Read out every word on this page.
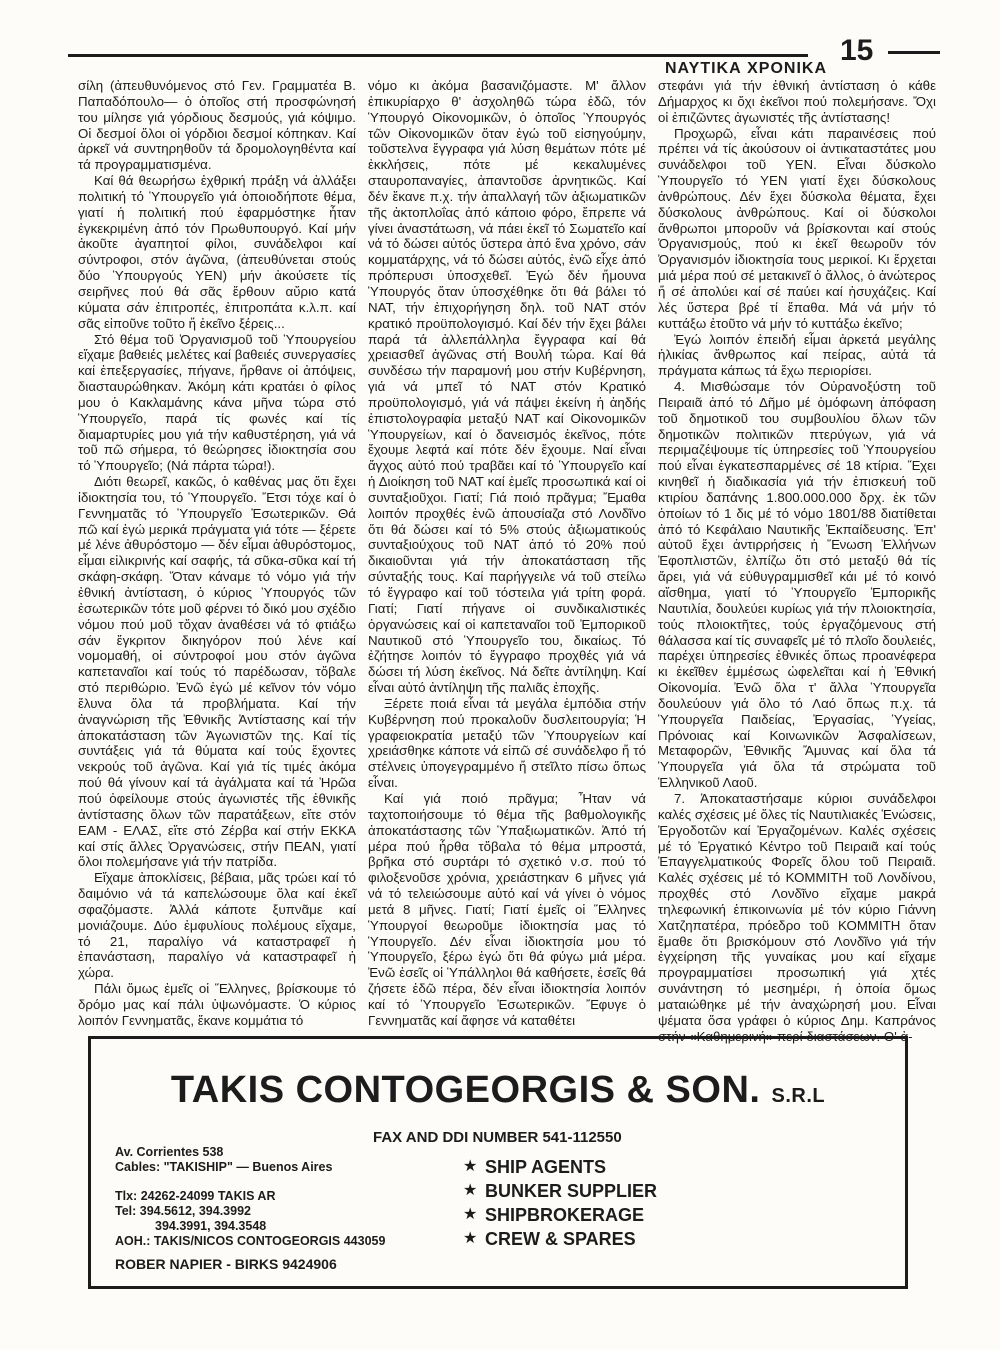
ΝΑΥΤΙΚΑ ΧΡΟΝΙΚΑ
15

σίλη (ἀπευθυνόμενος στό Γεν. Γραμματέα Β. Παπαδόπουλο— ὁ ὁποῖος στή προσφώνησή του μίλησε γιά γόρδιους δεσμούς, γιά κόψιμο. Οἱ δεσμοί ὅλοι οἱ γόρδιοι δεσμοί κόπηκαν. Καί ἀρκεῖ νά συντηρηθοῦν τά δρομολογηθέντα καί τά προγραμματισμένα.

Καί θά θεωρήσω ἐχθρική πράξη νά ἀλλάξει πολιτική τό Ὑπουργεῖο γιά ὁποιοδήποτε θέμα, γιατί ἡ πολιτική πού ἐφαρμόστηκε ἦταν ἐγκεκριμένη ἀπό τόν Πρωθυπουργό. Καί μήν ἀκοῦτε ἀγαπητοί φίλοι, συνάδελφοι καί σύντροφοι, στόν ἀγῶνα, (ἀπευθύνεται στούς δύο Ὑπουργούς ΥΕΝ) μήν ἀκούσετε τίς σειρῆνες πού θά σᾶς ἔρθουν αὔριο κατά κύματα σάν ἐπιτροπές, ἐπιτροπάτα κ.λ.π. καί σᾶς εἰποῦνε τοῦτο ἤ ἐκεῖνο ξέρεις...

Στό θέμα τοῦ Ὀργανισμοῦ τοῦ Ὑπουργείου εἴχαμε βαθειές μελέτες καί βαθειές συνεργασίες καί ἐπεξεργασίες, πήγανε, ἤρθανε οἱ ἀπόψεις, διασταυρώθηκαν. Ἀκόμη κάτι κρατάει ὁ φίλος μου ὁ Κακλαμάνης κάνα μῆνα τώρα στό Ὑπουργεῖο, παρά τίς φωνές καί τίς διαμαρτυρίες μου γιά τήν καθυστέρηση, γιά νά τοῦ πῶ σήμερα, τό θεώρησες ἰδιοκτησία σου τό Ὑπουργεῖο; (Νά πάρτα τώρα!).

Διότι θεωρεῖ, κακῶς, ὁ καθένας μας ὅτι ἔχει ἰδιοκτησία του, τό Ὑπουργεῖο. Ἔτσι τόχε καί ὁ Γεννηματᾶς τό Ὑπουργεῖο Ἐσωτερικῶν. Θά πῶ καί ἐγώ μερικά πράγματα γιά τότε — ξέρετε μέ λένε ἀθυρόστομο — δέν εἶμαι ἀθυρόστομος, εἶμαι εἰλικρινής καί σαφής, τά σῦκα-σῦκα καί τή σκάφη-σκάφη. Ὅταν κάναμε τό νόμο γιά τήν ἐθνική ἀντίσταση, ὁ κύριος Ὑπουργός τῶν ἐσωτερικῶν τότε μοῦ φέρνει τό δικό μου σχέδιο νόμου πού μοῦ τὄχαν ἀναθέσει νά τό φτιάξω σάν ἔγκριτον δικηγόρον πού λένε καί νομομαθή, οἱ σύντροφοί μου στόν ἀγῶνα καπεταναῖοι καί τούς τό παρέδωσαν, τὄβαλε στό περιθώριο. Ἐνῶ ἐγώ μέ κεῖνον τόν νόμο ἔλυνα ὅλα τά προβλήματα. Καί τήν ἀναγνώριση τῆς Ἐθνικῆς Ἀντίστασης καί τήν ἀποκατάσταση τῶν Ἀγωνιστῶν της. Καί τίς συντάξεις γιά τά θύματα καί τούς ἔχοντες νεκρούς τοῦ ἀγῶνα. Καί γιά τίς τιμές ἀκόμα πού θά γίνουν καί τά ἀγάλματα καί τά Ἡρῶα πού ὀφείλουμε στούς ἀγωνιστές τῆς ἐθνικῆς ἀντίστασης ὅλων τῶν παρατάξεων, εἴτε στόν ΕΑΜ - ΕΛΑΣ, εἴτε στό Ζέρβα καί στήν ΕΚΚΑ καί στίς ἄλλες Ὀργανώσεις, στήν ΠΕΑΝ, γιατί ὅλοι πολεμήσανε γιά τήν πατρίδα.

Εἴχαμε ἀποκλίσεις, βέβαια, μᾶς τρώει καί τό δαιμόνιο νά τά καπελώσουμε ὅλα καί ἐκεῖ σφαζόμαστε. Ἀλλά κάποτε ξυπνᾶμε καί μονιάζουμε. Δύο ἐμφυλίους πολέμους εἴχαμε, τό 21, παραλίγο νά καταστραφεῖ ἡ ἐπανάσταση, παραλίγο νά καταστραφεῖ ἡ χώρα.

Πάλι ὅμως ἐμεῖς οἱ Ἕλληνες, βρίσκουμε τό δρόμο μας καί πάλι ὑψωνόμαστε. Ὁ κύριος λοιπόν Γεννηματᾶς, ἔκανε κομμάτια τό

νόμο κι ἀκόμα βασανιζόμαστε. Μ' ἄλλον ἐπικυρίαρχο θ' ἀσχοληθῶ τώρα ἐδῶ, τόν Ὑπουργό Οἰκονομικῶν, ὁ ὁποῖος Ὑπουργός τῶν Οἰκονομικῶν ὅταν ἐγώ τοῦ εἰσηγούμην, τοῦστελνα ἔγγραφα γιά λύση θεμάτων πότε μέ ἐκκλήσεις, πότε μέ κεκαλυμένες σταυροπαναγίες, ἀπαντοῦσε ἀρνητικῶς. Καί δέν ἔκανε π.χ. τήν ἀπαλλαγή τῶν ἀξιωματικῶν τῆς ἀκτοπλοΐας ἀπό κάποιο φόρο, ἔπρεπε νά γίνει ἀναστάτωση, νά πάει ἐκεῖ τό Σωματεῖο καί νά τό δώσει αὐτός ὕστερα ἀπό ἕνα χρόνο, σάν κομματάρχης, νά τό δώσει αὐτός, ἐνῶ εἶχε ἀπό πρόπερυσι ὑποσχεθεῖ. Ἐγώ δέν ἤμουνα Ὑπουργός ὅταν ὑποσχέθηκε ὅτι θά βάλει τό ΝΑΤ, τήν ἐπιχορήγηση δηλ. τοῦ ΝΑΤ στόν κρατικό προϋπολογισμό. Καί δέν τήν ἔχει βάλει παρά τά ἀλλεπάλληλα ἔγγραφα καί θά χρειασθεῖ ἀγῶνας στή Βουλή τώρα. Καί θά συνδέσω τήν παραμονή μου στήν Κυβέρνηση, γιά νά μπεῖ τό ΝΑΤ στόν Κρατικό προϋπολογισμό, γιά νά πάψει ἐκείνη ἡ ἀηδής ἐπιστολογραφία μεταξύ ΝΑΤ καί Οἰκονομικῶν Ὑπουργείων, καί ὁ δανεισμός ἐκεῖνος, πότε ἔχουμε λεφτά καί πότε δέν ἔχουμε. Ναί εἶναι ἄγχος αὐτό πού τραβᾶει καί τό Ὑπουργεῖο καί ἡ Διοίκηση τοῦ ΝΑΤ καί ἐμεῖς προσωπικά καί οἱ συνταξιοῦχοι. Γιατί; Γιά ποιό πρᾶγμα; Ἔμαθα λοιπόν προχθές ἐνῶ ἀπουσίαζα στό Λονδῖνο ὅτι θά δώσει καί τό 5% στούς ἀξιωματικούς συνταξιούχους τοῦ ΝΑΤ ἀπό τό 20% πού δικαιοῦνται γιά τήν ἀποκατάσταση τῆς σύνταξής τους. Καί παρήγγειλε νά τοῦ στείλω τό ἔγγραφο καί τοῦ τόστειλα γιά τρίτη φορά. Γιατί; Γιατί πήγανε οἱ συνδικαλιστικές ὀργανώσεις καί οἱ καπεταναῖοι τοῦ Ἐμπορικοῦ Ναυτικοῦ στό Ὑπουργεῖο του, δικαίως. Τό ἐζήτησε λοιπόν τό ἔγγραφο προχθές γιά νά δώσει τή λύση ἐκεῖνος. Νά δεῖτε ἀντίληψη. Καί εἶναι αὐτό ἀντίληψη τῆς παλιᾶς ἐποχῆς.

Ξέρετε ποιά εἶναι τά μεγάλα ἐμπόδια στήν Κυβέρνηση πού προκαλοῦν δυσλειτουργία; Ἡ γραφειοκρατία μεταξύ τῶν Ὑπουργείων καί χρειάσθηκε κάποτε νά εἰπῶ σέ συνάδελφο ἤ τό στέλνεις ὑπογεγραμμένο ἤ στεῖλτο πίσω ὅπως εἶναι.

Καί γιά ποιό πρᾶγμα; Ἦταν νά ταχτοποιήσουμε τό θέμα τῆς βαθμολογικῆς ἀποκατάστασης τῶν Ὑπαξιωματικῶν. Ἀπό τή μέρα πού ἦρθα τὄβαλα τό θέμα μπροστά, βρῆκα στό συρτάρι τό σχετικό ν.σ. πού τό φιλοξενοῦσε χρόνια, χρειάστηκαν 6 μῆνες γιά νά τό τελειώσουμε αὐτό καί νά γίνει ὁ νόμος μετά 8 μῆνες. Γιατί; Γιατί ἐμεῖς οἱ Ἕλληνες Ὑπουργοί θεωροῦμε ἰδιοκτησία μας τό Ὑπουργεῖο. Δέν εἶναι ἰδιοκτησία μου τό Ὑπουργεῖο, ξέρω ἐγώ ὅτι θά φύγω μιά μέρα. Ἐνῶ ἐσεῖς οἱ Ὑπάλληλοι θά καθήσετε, ἐσεῖς θά ζήσετε ἐδῶ πέρα, δέν εἶναι ἰδιοκτησία λοιπόν καί τό Ὑπουργεῖο Ἐσωτερικῶν. Ἔφυγε ὁ Γεννηματᾶς καί ἄφησε νά καταθέτει

στεφάνι γιά τήν ἐθνική ἀντίσταση ὁ κάθε Δήμαρχος κι ὄχι ἐκεῖνοι πού πολεμήσανε. Ὄχι οἱ ἐπιζῶντες ἀγωνιστές τῆς ἀντίστασης!

Προχωρῶ, εἶναι κάτι παραινέσεις πού πρέπει νά τίς ἀκούσουν οἱ ἀντικαταστάτες μου συνάδελφοι τοῦ ΥΕΝ. Εἶναι δύσκολο Ὑπουργεῖο τό ΥΕΝ γιατί ἔχει δύσκολους ἀνθρώπους. Δέν ἔχει δύσκολα θέματα, ἔχει δύσκολους ἀνθρώπους. Καί οἱ δύσκολοι ἄνθρωποι μποροῦν νά βρίσκονται καί στούς Ὀργανισμούς, πού κι ἐκεῖ θεωροῦν τόν Ὀργανισμόν ἰδιοκτησία τους μερικοί. Κι ἔρχεται μιά μέρα πού σέ μετακινεῖ ὁ ἄλλος, ὁ ἀνώτερος ἤ σέ ἀπολύει καί σέ παύει καί ἡσυχάζεις. Καί λές ὕστερα βρέ τί ἔπαθα. Μά νά μήν τό κυττάξω ἐτοῦτο νά μήν τό κυττάξω ἐκεῖνο;

Ἐγώ λοιπόν ἐπειδή εἶμαι ἀρκετά μεγάλης ἡλικίας ἄνθρωπος καί πείρας, αὐτά τά πράγματα κάπως τά ἔχω περιορίσει.

4. Μισθώσαμε τόν Οὐρανοξύστη τοῦ Πειραιᾶ ἀπό τό Δῆμο μέ ὁμόφωνη ἀπόφαση τοῦ δημοτικοῦ του συμβουλίου ὅλων τῶν δημοτικῶν πολιτικῶν πτερύγων, γιά νά περιμαζέψουμε τίς ὑπηρεσίες τοῦ Ὑπουργείου πού εἶναι ἐγκατεσπαρμένες σέ 18 κτίρια. Ἔχει κινηθεῖ ἡ διαδικασία γιά τήν ἐπισκευή τοῦ κτιρίου δαπάνης 1.800.000.000 δρχ. ἐκ τῶν ὁποίων τό 1 δις μέ τό νόμο 1801/88 διατίθεται ἀπό τό Κεφάλαιο Ναυτικῆς Ἐκπαίδευσης. Ἐπ' αὐτοῦ ἔχει ἀντιρρήσεις ἡ Ἕνωση Ἑλλήνων Ἐφοπλιστῶν, ἐλπίζω ὅτι στό μεταξύ θά τίς ἄρει, γιά νά εὐθυγραμμισθεῖ κάι μέ τό κοινό αἴσθημα, γιατί τό Ὑπουργεῖο Ἐμπορικῆς Ναυτιλία, δουλεύει κυρίως γιά τήν πλοιοκτησία, τούς πλοιοκτῆτες, τούς ἐργαζόμενους στή θάλασσα καί τίς συναφεῖς μέ τό πλοῖο δουλειές, παρέχει ὑπηρεσίες ἐθνικές ὅπως προανέφερα κι ἐκεῖθεν ἐμμέσως ὠφελεῖται καί ἡ Ἐθνική Οἰκονομία. Ἐνῶ ὅλα τ' ἄλλα Ὑπουργεῖα δουλεύουν γιά ὅλο τό Λαό ὅπως π.χ. τά Ὑπουργεῖα Παιδείας, Ἐργασίας, Ὑγείας, Πρόνοιας καί Κοινωνικῶν Ἀσφαλίσεων, Μεταφορῶν, Ἐθνικῆς Ἄμυνας καί ὅλα τά Ὑπουργεῖα γιά ὅλα τά στρώματα τοῦ Ἑλληνικοῦ Λαοῦ.

7. Ἀποκαταστήσαμε κύριοι συνάδελφοι καλές σχέσεις μέ ὅλες τίς Ναυτιλιακές Ἑνώσεις, Ἐργοδοτῶν καί Ἐργαζομένων. Καλές σχέσεις μέ τό Ἐργατικό Κέντρο τοῦ Πειραιᾶ καί τούς Ἐπαγγελματικούς Φορεῖς ὅλου τοῦ Πειραιᾶ. Καλές σχέσεις μέ τό ΚΟΜΜΙΤΗ τοῦ Λονδίνου, προχθές στό Λονδῖνο εἴχαμε μακρά τηλεφωνική ἐπικοινωνία μέ τόν κύριο Γιάννη Χατζηπατέρα, πρόεδρο τοῦ ΚΟΜΜΙΤΗ ὅταν ἔμαθε ὅτι βρισκόμουν στό Λονδῖνο γιά τήν ἐγχείρηση τῆς γυναίκας μου καί εἴχαμε προγραμματίσει προσωπική γιά χτές συνάντηση τό μεσημέρι, ἡ ὁποία ὅμως ματαιώθηκε μέ τήν ἀναχώρησή μου. Εἶναι ψέματα ὅσα γράφει ὁ κύριος Δημ. Καπράνος στήν «Καθημερινή» περί διαστάσεων. Θ' ἀ-

TAKIS CONTOGEORGIS & SON. S.R.L
FAX AND DDI NUMBER 541-112550
Av. Corrientes 538
Cables: "TAKISHIP" — Buenos Aires
Tlx: 24262-24099 TAKIS AR
Tel: 394.5612, 394.3992
394.3991, 394.3548
AOH.: TAKIS/NICOS CONTOGEORGIS 443059
ROBER NAPIER - BIRKS 9424906
★ SHIP AGENTS
★ BUNKER SUPPLIER
★ SHIPBROKERAGE
★ CREW & SPARES
